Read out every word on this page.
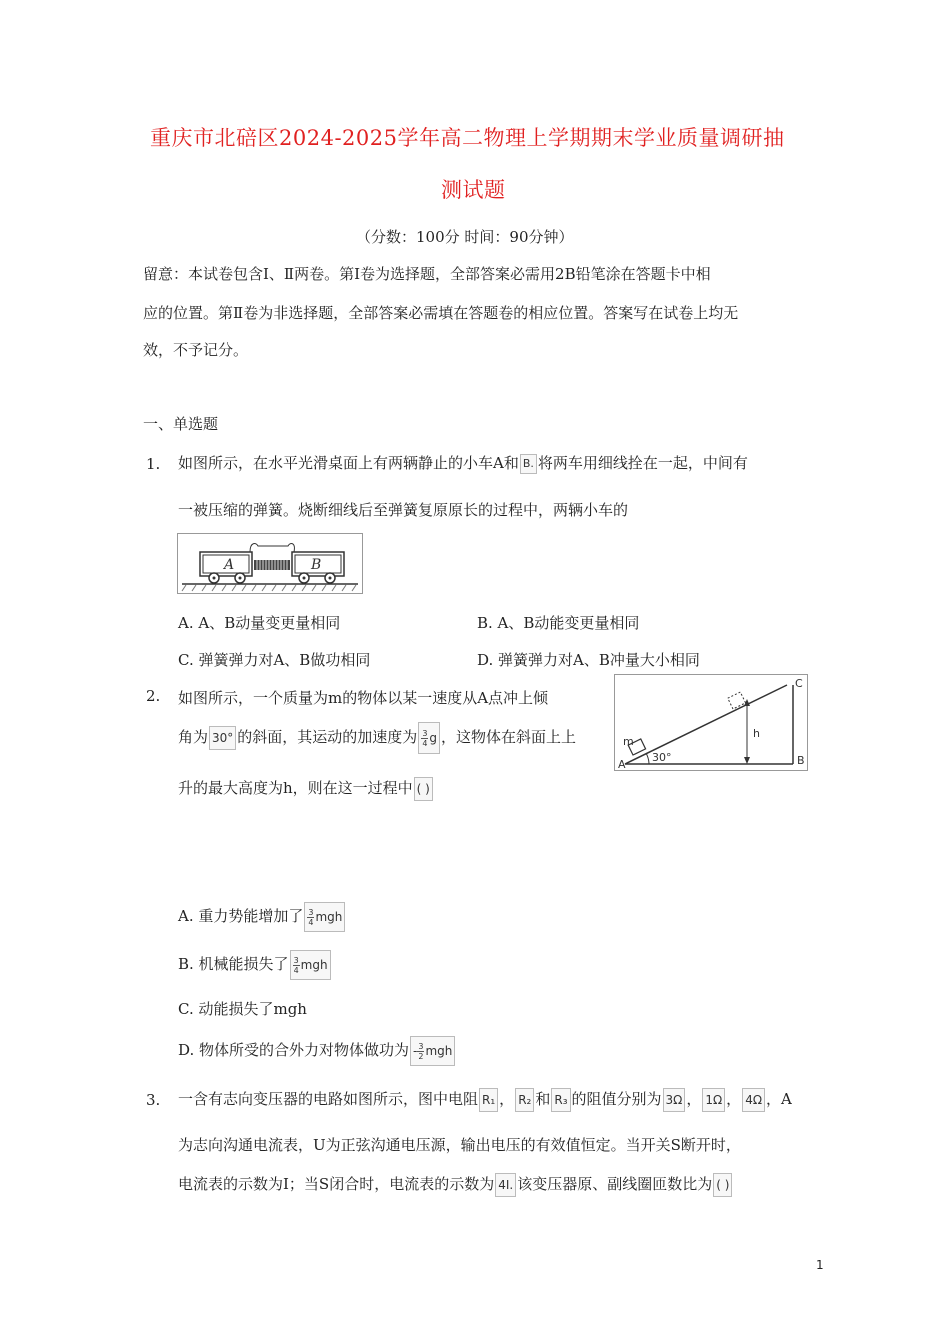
重庆市北碚区2024-2025学年高二物理上学期期末学业质量调研抽
测试题
（分数：100分 时间：90分钟）
留意：本试卷包含Ⅰ、Ⅱ两卷。第Ⅰ卷为选择题，全部答案必需用2B铅笔涂在答题卡中相
应的位置。第Ⅱ卷为非选择题，全部答案必需填在答题卷的相应位置。答案写在试卷上均无
效，不予记分。
一、单选题
1. 如图所示，在水平光滑桌面上有两辆静止的小车A和 B. 将两车用细线拴在一起，中间有
一被压缩的弹簧。烧断细线后至弹簧复原原长的过程中，两辆小车的
A	B
A. A、B动量变更量相同	B. A、B动能变更量相同
C. 弹簧弹力对A、B做功相同	D. 弹簧弹力对A、B冲量大小相同
2. 如图所示，一个质量为m的物体以某一速度从A点冲上倾
角为 30° 的斜面，其运动的加速度为 $\frac{3}{4}$ g ，这物体在斜面上上
升的最大高度为h，则在这一过程中 ( )
A	B
C
m
h
30°
A. 重力势能增加了 $\frac{3}{4}$ mgh
B. 机械能损失了 $\frac{3}{4}$ mgh
C. 动能损失了mgh
D. 物体所受的合外力对物体做功为 - $\frac{3}{2}$ mgh
3. 一含有志向变压器的电路如图所示，图中电阻 R₁ ， R₂ 和 R₃ 的阻值分别为 3Ω ， 1Ω ， 4Ω ，A
为志向沟通电流表，U为正弦沟通电压源，输出电压的有效值恒定。当开关S断开时，
电流表的示数为I；当S闭合时，电流表的示数为 4I. 该变压器原、副线圈匝数比为 ( )
1
